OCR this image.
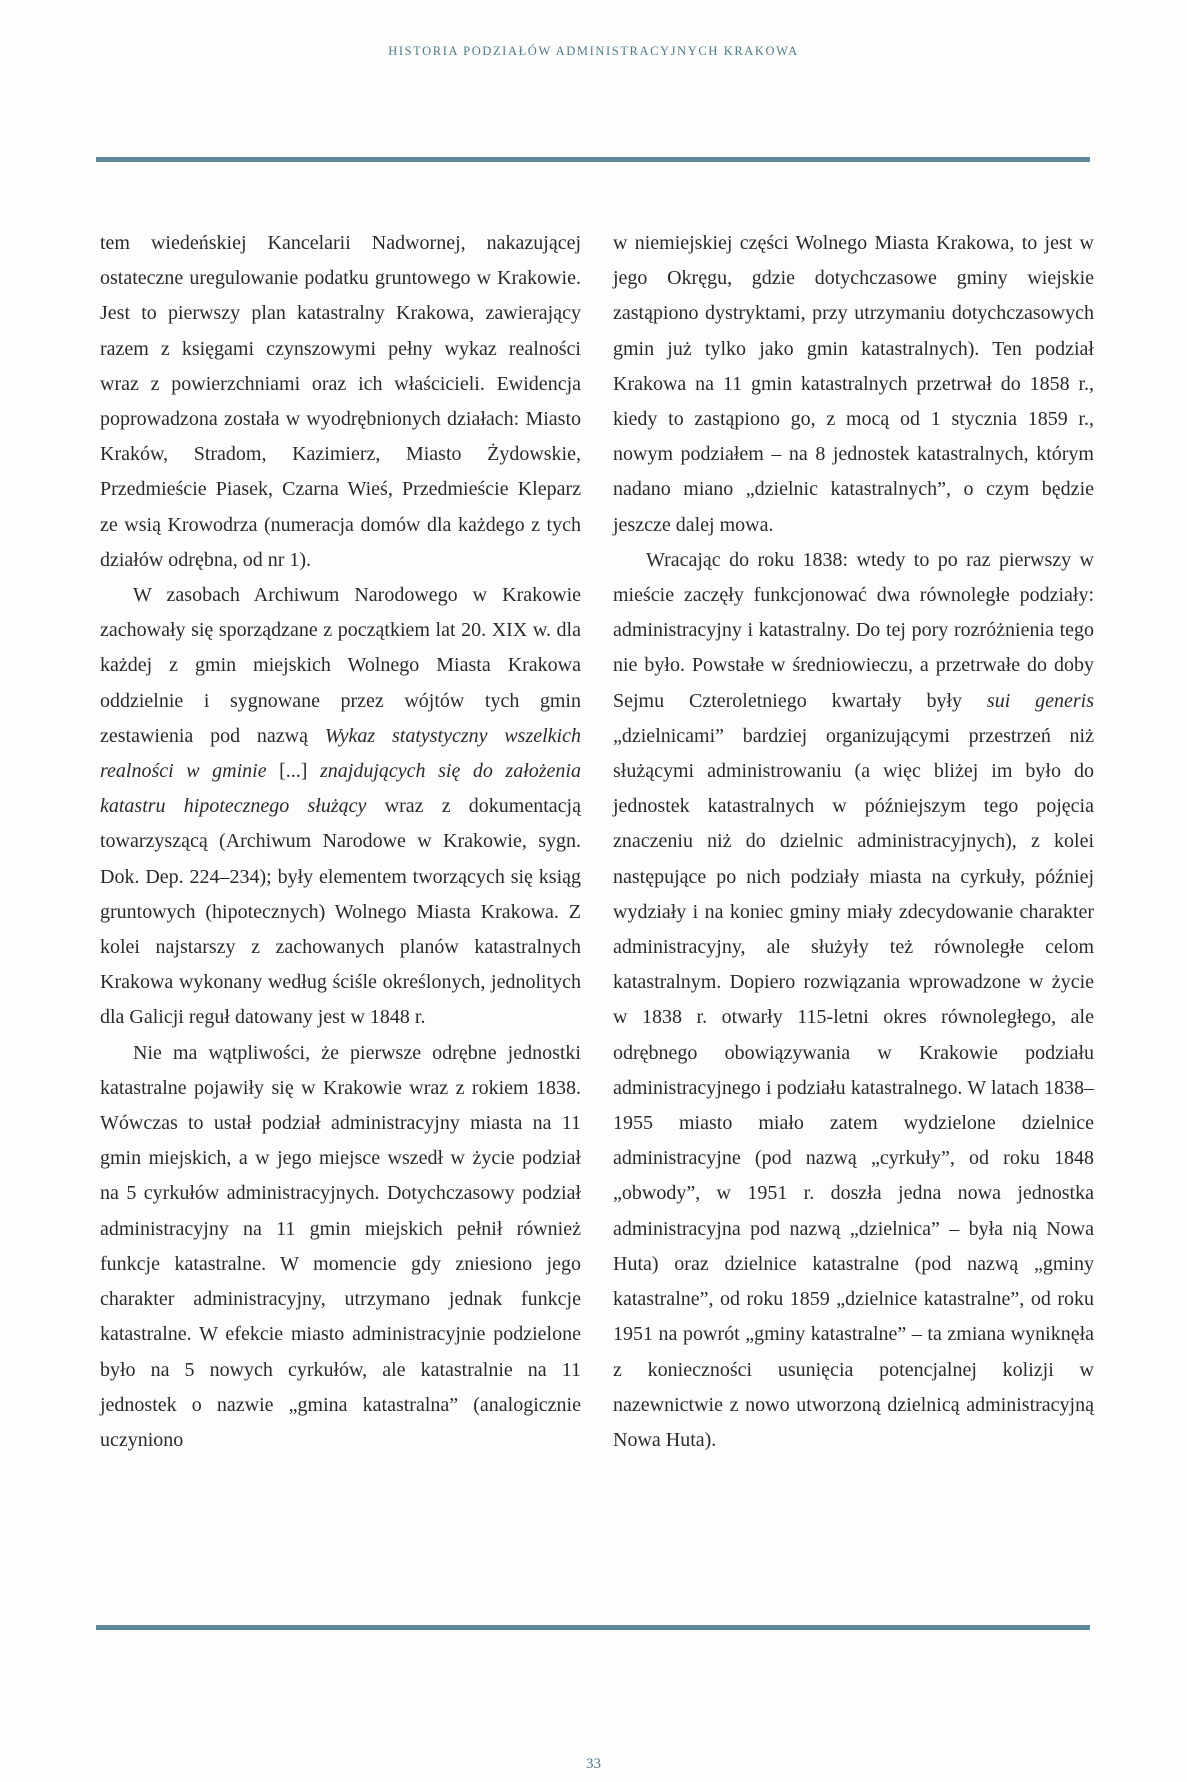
HISTORIA PODZIAŁÓW ADMINISTRACYJNYCH KRAKOWA

tem wiedeńskiej Kancelarii Nadwornej, nakazującej ostateczne uregulowanie podatku gruntowego w Krakowie. Jest to pierwszy plan katastralny Krakowa, zawierający razem z księgami czynszowymi pełny wykaz realności wraz z powierzchniami oraz ich właścicieli. Ewidencja poprowadzona została w wyodrębnionych działach: Miasto Kraków, Stradom, Kazimierz, Miasto Żydowskie, Przedmieście Piasek, Czarna Wieś, Przedmieście Kleparz ze wsią Krowodrza (numeracja domów dla każdego z tych działów odrębna, od nr 1).

W zasobach Archiwum Narodowego w Krakowie zachowały się sporządzane z początkiem lat 20. XIX w. dla każdej z gmin miejskich Wolnego Miasta Krakowa oddzielnie i sygnowane przez wójtów tych gmin zestawienia pod nazwą Wykaz statystyczny wszelkich realności w gminie [...] znajdujących się do założenia katastru hipotecznego służący wraz z dokumentacją towarzyszącą (Archiwum Narodowe w Krakowie, sygn. Dok. Dep. 224–234); były elementem tworzących się ksiąg gruntowych (hipotecznych) Wolnego Miasta Krakowa. Z kolei najstarszy z zachowanych planów katastralnych Krakowa wykonany według ściśle określonych, jednolitych dla Galicji reguł datowany jest w 1848 r.

Nie ma wątpliwości, że pierwsze odrębne jednostki katastralne pojawiły się w Krakowie wraz z rokiem 1838. Wówczas to ustał podział administracyjny miasta na 11 gmin miejskich, a w jego miejsce wszedł w życie podział na 5 cyrkułów administracyjnych. Dotychczasowy podział administracyjny na 11 gmin miejskich pełnił również funkcje katastralne. W momencie gdy zniesiono jego charakter administracyjny, utrzymano jednak funkcje katastralne. W efekcie miasto administracyjnie podzielone było na 5 nowych cyrkułów, ale katastralnie na 11 jednostek o nazwie „gmina katastralna” (analogicznie uczyniono

w niemiejskiej części Wolnego Miasta Krakowa, to jest w jego Okręgu, gdzie dotychczasowe gminy wiejskie zastąpiono dystryktami, przy utrzymaniu dotychczasowych gmin już tylko jako gmin katastralnych). Ten podział Krakowa na 11 gmin katastralnych przetrwał do 1858 r., kiedy to zastąpiono go, z mocą od 1 stycznia 1859 r., nowym podziałem – na 8 jednostek katastralnych, którym nadano miano „dzielnic katastralnych”, o czym będzie jeszcze dalej mowa.

Wracając do roku 1838: wtedy to po raz pierwszy w mieście zaczęły funkcjonować dwa równoległe podziały: administracyjny i katastralny. Do tej pory rozróżnienia tego nie było. Powstałe w średniowieczu, a przetrwałe do doby Sejmu Czteroletniego kwartały były sui generis „dzielnicami” bardziej organizującymi przestrzeń niż służącymi administrowaniu (a więc bliżej im było do jednostek katastralnych w późniejszym tego pojęcia znaczeniu niż do dzielnic administracyjnych), z kolei następujące po nich podziały miasta na cyrkuły, później wydziały i na koniec gminy miały zdecydowanie charakter administracyjny, ale służyły też równoległe celom katastralnym. Dopiero rozwiązania wprowadzone w życie w 1838 r. otwarły 115-letni okres równoległego, ale odrębnego obowiązywania w Krakowie podziału administracyjnego i podziału katastralnego. W latach 1838–1955 miasto miało zatem wydzielone dzielnice administracyjne (pod nazwą „cyrkuły”, od roku 1848 „obwody”, w 1951 r. doszła jedna nowa jednostka administracyjna pod nazwą „dzielnica” – była nią Nowa Huta) oraz dzielnice katastralne (pod nazwą „gminy katastralne”, od roku 1859 „dzielnice katastralne”, od roku 1951 na powrót „gminy katastralne” – ta zmiana wyniknęła z konieczności usunięcia potencjalnej kolizji w nazewnictwie z nowo utworzoną dzielnicą administracyjną Nowa Huta).

33
